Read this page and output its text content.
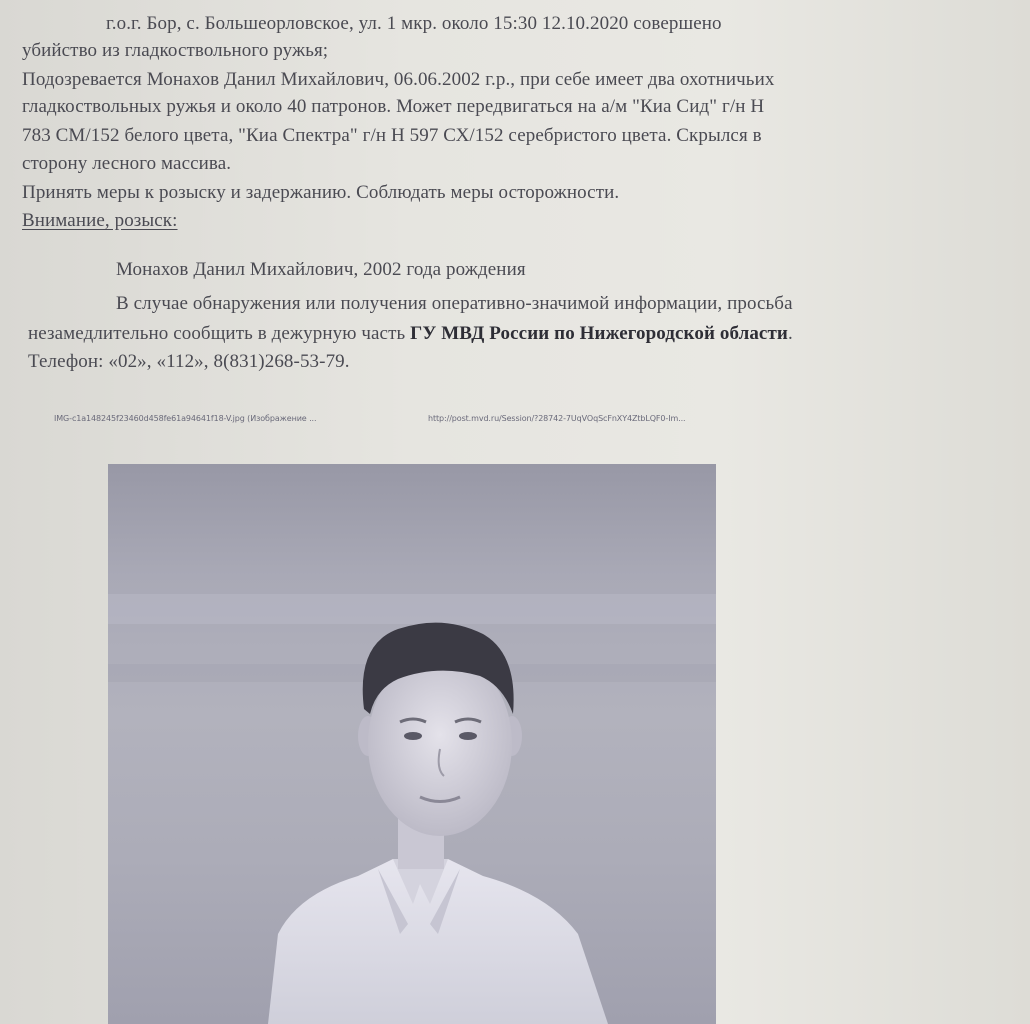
г.о.г. Бор, с. Большеорловское, ул. 1 мкр. около 15:30 12.10.2020 совершено
убийство из гладкоствольного ружья;
Подозревается Монахов Данил Михайлович, 06.06.2002 г.р., при себе имеет два охотничьих
гладкоствольных ружья и около 40 патронов. Может передвигаться на а/м "Киа Сид" г/н Н
783 СМ/152 белого цвета, "Киа Спектра" г/н Н 597 СХ/152 серебристого цвета. Скрылся в
сторону лесного массива.
Принять меры к розыску и задержанию. Соблюдать меры осторожности.
Внимание, розыск:
Монахов Данил Михайлович, 2002 года рождения
В случае обнаружения или получения оперативно-значимой информации, просьба
незамедлительно сообщить в дежурную часть ГУ МВД России по Нижегородской области.
Телефон: «02», «112», 8(831)268-53-79.
IMG-c1a148245f23460d458fe61a94641f18-V.jpg (Изображение ...	http://post.mvd.ru/Session/?28742-7UqVOqScFnXY4ZtbLQF0-Im...
